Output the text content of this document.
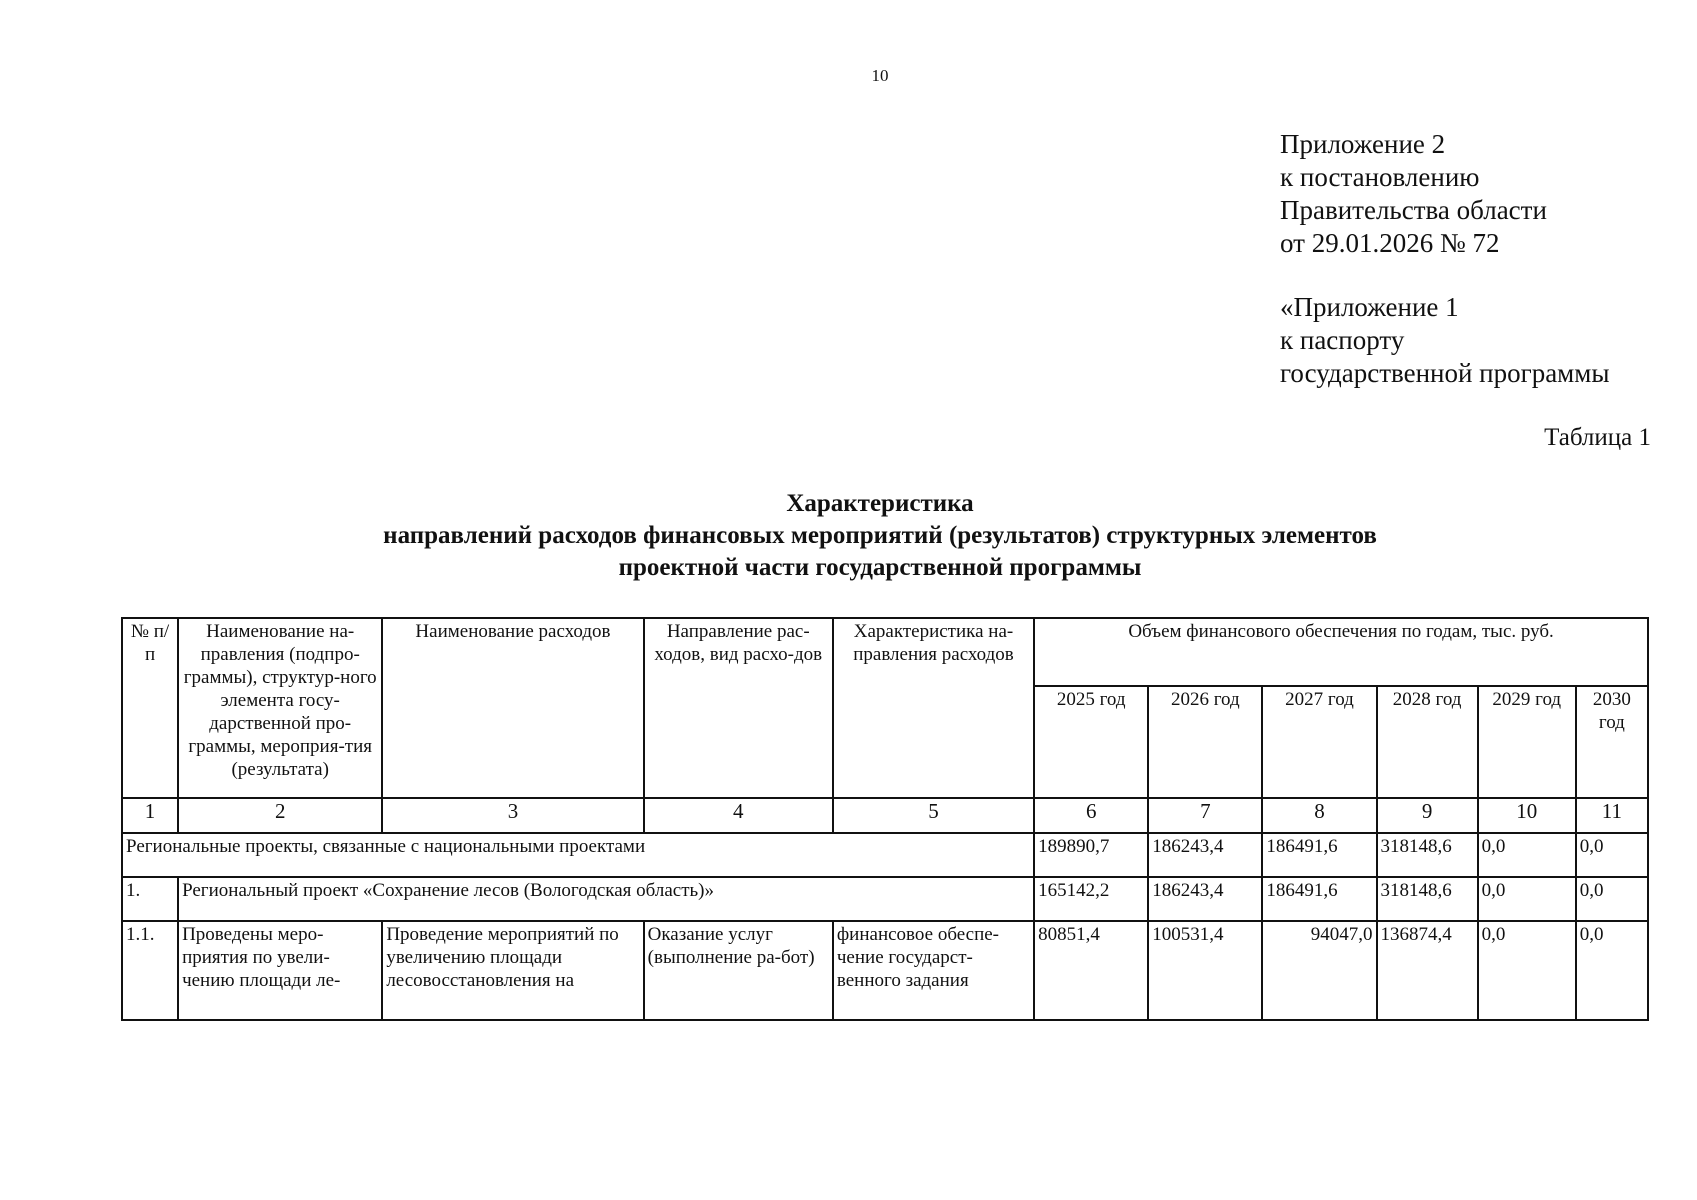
10
Приложение 2
к постановлению
Правительства области
от 29.01.2026 № 72
«Приложение 1
к паспорту
государственной программы
Таблица 1
Характеристика
направлений расходов финансовых мероприятий (результатов) структурных элементов
проектной части государственной программы
№ п/п	Наименование на-правления (подпро-граммы), структур-ного элемента госу-дарственной про-граммы, мероприя-тия (результата)	Наименование расходов	Направление рас-ходов, вид расхо-дов	Характеристика на-правления расходов	Объем финансового обеспечения по годам, тыс. руб.					
					2025 год	2026 год	2027 год	2028 год	2029 год	2030 год
1	2	3	4	5	6	7	8	9	10	11
Региональные проекты, связанные с национальными проектами					189890,7	186243,4	186491,6	318148,6	0,0	0,0
1.	Региональный проект «Сохранение лесов (Вологодская область)»				165142,2	186243,4	186491,6	318148,6	0,0	0,0
1.1.	Проведены меро-приятия по увели-чению площади ле-	Проведение мероприятий по увеличению площади лесовосстановления на	Оказание услуг (выполнение ра-бот)	финансовое обеспе-чение государст-венного задания	80851,4	100531,4	94047,0	136874,4	0,0	0,0
